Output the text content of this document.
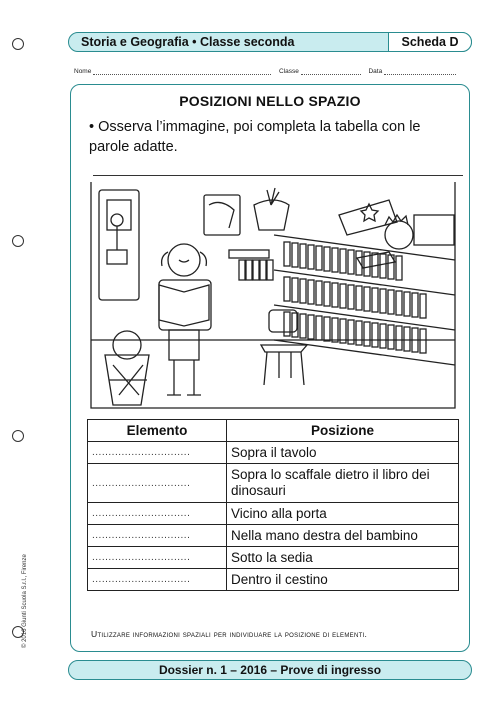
Storia e Geografia • Classe seconda	Scheda D
Nome	Classe	Data
POSIZIONI NELLO SPAZIO
• Osserva l’immagine, poi completa la tabella con le parole adatte.
Elemento	Posizione
..............................	Sopra il tavolo
..............................	Sopra lo scaffale dietro il libro dei dinosauri
..............................	Vicino alla porta
..............................	Nella mano destra del bambino
..............................	Sotto la sedia
..............................	Dentro il cestino
Utilizzare informazioni spaziali per individuare la posizione di elementi.
© 2016 Giunti Scuola S.r.l., Firenze
Dossier n. 1 – 2016 – Prove di ingresso
